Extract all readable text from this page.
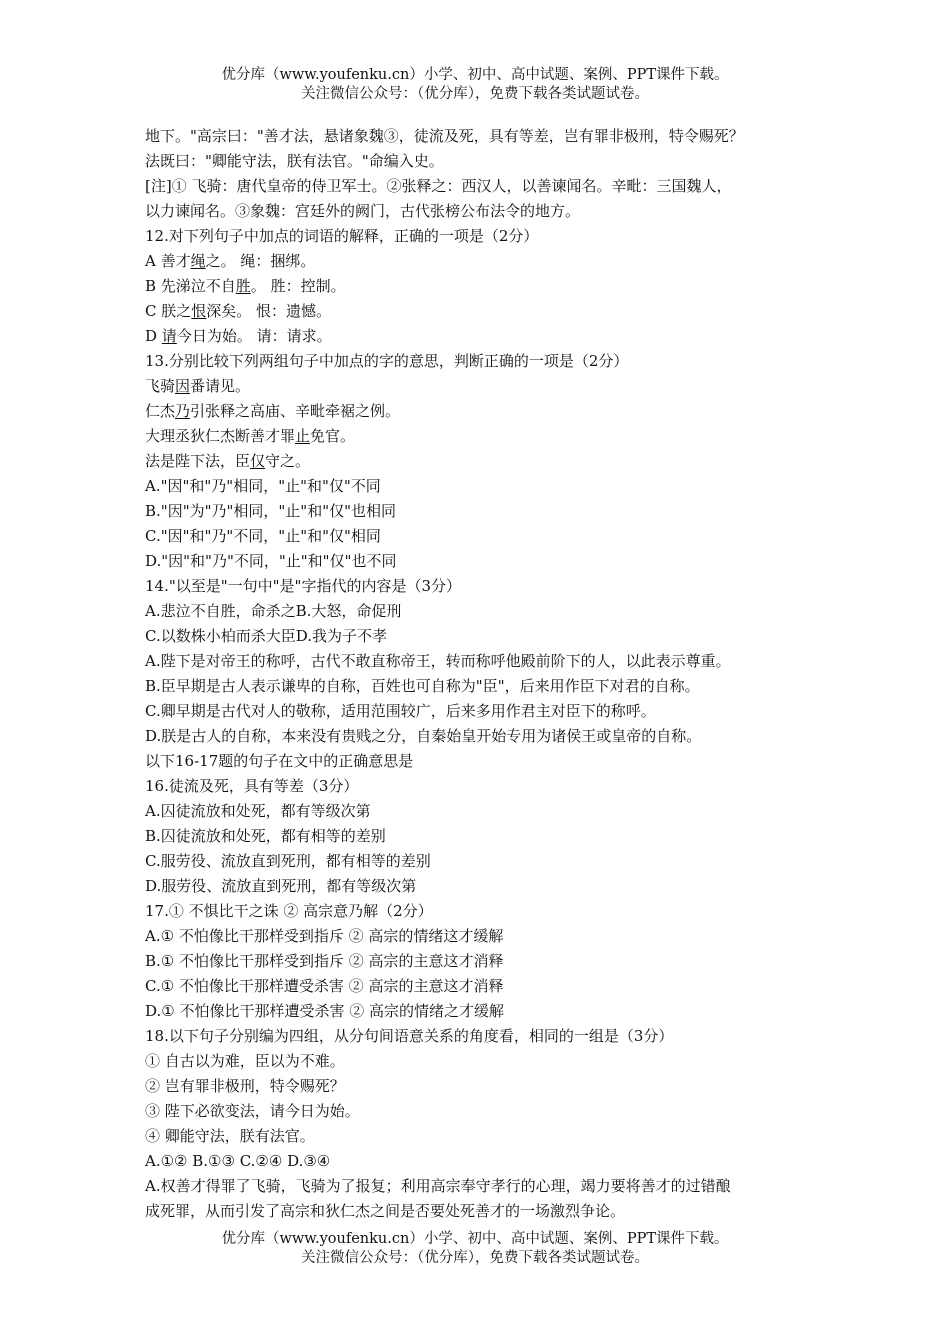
优分库（www.youfenku.cn）小学、初中、高中试题、案例、PPT课件下载。
关注微信公众号：（优分库），免费下载各类试题试卷。
地下。"高宗曰："善才法，悬诸象魏③，徒流及死，具有等差，岂有罪非极刑，特令赐死？
法既曰："卿能守法，朕有法官。"命编入史。
[注]① 飞骑：唐代皇帝的侍卫军士。②张释之：西汉人，以善谏闻名。辛毗：三国魏人，
以力谏闻名。③象魏：宫廷外的阙门，古代张榜公布法令的地方。
12.对下列句子中加点的词语的解释，正确的一项是（2分）
A 善才绳之。 绳：捆绑。
B 先涕泣不自胜。 胜：控制。
C 朕之恨深矣。 恨：遗憾。
D 请今日为始。 请：请求。
13.分别比较下列两组句子中加点的字的意思，判断正确的一项是（2分）
飞骑因番请见。
仁杰乃引张释之高庙、辛毗牵裾之例。
大理丞狄仁杰断善才罪止免官。
法是陛下法，臣仅守之。
A."因"和"乃"相同，"止"和"仅"不同
B."因"为"乃"相同，"止"和"仅"也相同
C."因"和"乃"不同，"止"和"仅"相同
D."因"和"乃"不同，"止"和"仅"也不同
14."以至是"一句中"是"字指代的内容是（3分）
A.悲泣不自胜，命杀之B.大怒，命促刑
C.以数株小柏而杀大臣D.我为子不孝
A.陛下是对帝王的称呼，古代不敢直称帝王，转而称呼他殿前阶下的人，以此表示尊重。
B.臣早期是古人表示谦卑的自称，百姓也可自称为"臣"，后来用作臣下对君的自称。
C.卿早期是古代对人的敬称，适用范围较广，后来多用作君主对臣下的称呼。
D.朕是古人的自称，本来没有贵贱之分，自秦始皇开始专用为诸侯王或皇帝的自称。
以下16-17题的句子在文中的正确意思是
16.徒流及死，具有等差（3分）
A.囚徒流放和处死，都有等级次第
B.囚徒流放和处死，都有相等的差别
C.服劳役、流放直到死刑，都有相等的差别
D.服劳役、流放直到死刑，都有等级次第
17.① 不惧比干之诛 ② 高宗意乃解（2分）
A.① 不怕像比干那样受到指斥 ② 高宗的情绪这才缓解
B.① 不怕像比干那样受到指斥 ② 高宗的主意这才消释
C.① 不怕像比干那样遭受杀害 ② 高宗的主意这才消释
D.① 不怕像比干那样遭受杀害 ② 高宗的情绪之才缓解
18.以下句子分别编为四组，从分句间语意关系的角度看，相同的一组是（3分）
① 自古以为难，臣以为不难。
② 岂有罪非极刑，特令赐死？
③ 陛下必欲变法，请今日为始。
④ 卿能守法，朕有法官。
A.①② B.①③ C.②④ D.③④
A.权善才得罪了飞骑，飞骑为了报复；利用高宗奉守孝行的心理，竭力要将善才的过错酿
成死罪，从而引发了高宗和狄仁杰之间是否要处死善才的一场激烈争论。
优分库（www.youfenku.cn）小学、初中、高中试题、案例、PPT课件下载。
关注微信公众号：（优分库），免费下载各类试题试卷。
